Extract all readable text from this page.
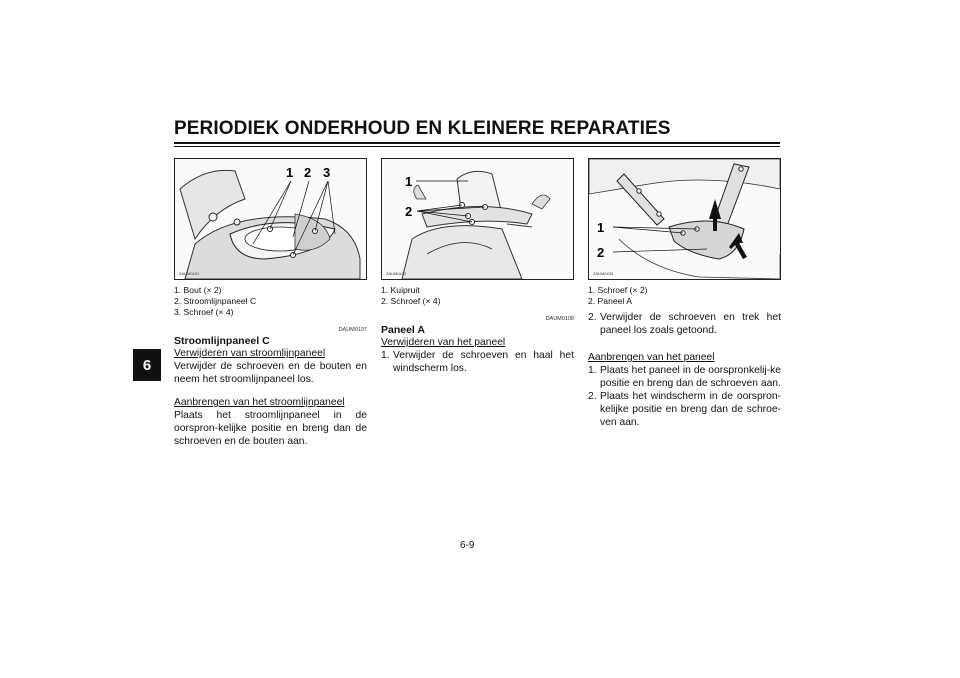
PERIODIEK ONDERHOUD EN KLEINERE REPARATIES
6
1 2 3
ZAUM0431
1. Bout (× 2)
2. Stroomlijnpaneel C
3. Schroef (× 4)
DAUM0107
Stroomlijnpaneel C
Verwijderen van stroomlijnpaneel
Verwijder de schroeven en de bouten en neem het stroomlijnpaneel los.
Aanbrengen van het stroomlijnpaneel
Plaats het stroomlijnpaneel in de oorspron-kelijke positie en breng dan de schroeven en de bouten aan.
1
2
ZAUM0432
1. Kuipruit
2. Schroef (× 4)
DAUM0108
Paneel A
Verwijderen van het paneel
1. Verwijder de schroeven en haal het windscherm los.
1
2
ZAUM0433
1. Schroef (× 2)
2. Paneel A
2. Verwijder de schroeven en trek het paneel los zoals getoond.
Aanbrengen van het paneel
1. Plaats het paneel in de oorspronkelij-ke positie en breng dan de schroeven aan.
2. Plaats het windscherm in de oorspron-kelijke positie en breng dan de schroe-ven aan.
6-9
